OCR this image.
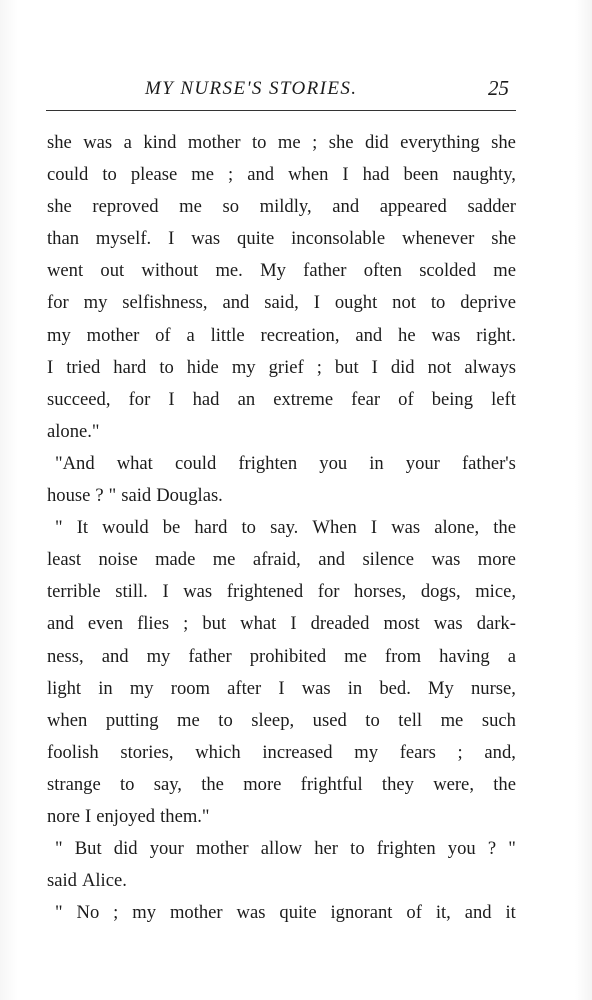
MY NURSE'S STORIES.	25
she was a kind mother to me ; she did everything she
could to please me ; and when I had been naughty,
she reproved me so mildly, and appeared sadder
than myself. I was quite inconsolable whenever she
went out without me. My father often scolded me
for my selfishness, and said, I ought not to deprive
my mother of a little recreation, and he was right.
I tried hard to hide my grief ; but I did not always
succeed, for I had an extreme fear of being left
alone."
"And what could frighten you in your father's
house ? " said Douglas.
" It would be hard to say. When I was alone, the
least noise made me afraid, and silence was more
terrible still. I was frightened for horses, dogs, mice,
and even flies ; but what I dreaded most was dark-
ness, and my father prohibited me from having a
light in my room after I was in bed. My nurse,
when putting me to sleep, used to tell me such
foolish stories, which increased my fears ; and,
strange to say, the more frightful they were, the
nore I enjoyed them."
" But did your mother allow her to frighten you ? "
said Alice.
" No ; my mother was quite ignorant of it, and it
